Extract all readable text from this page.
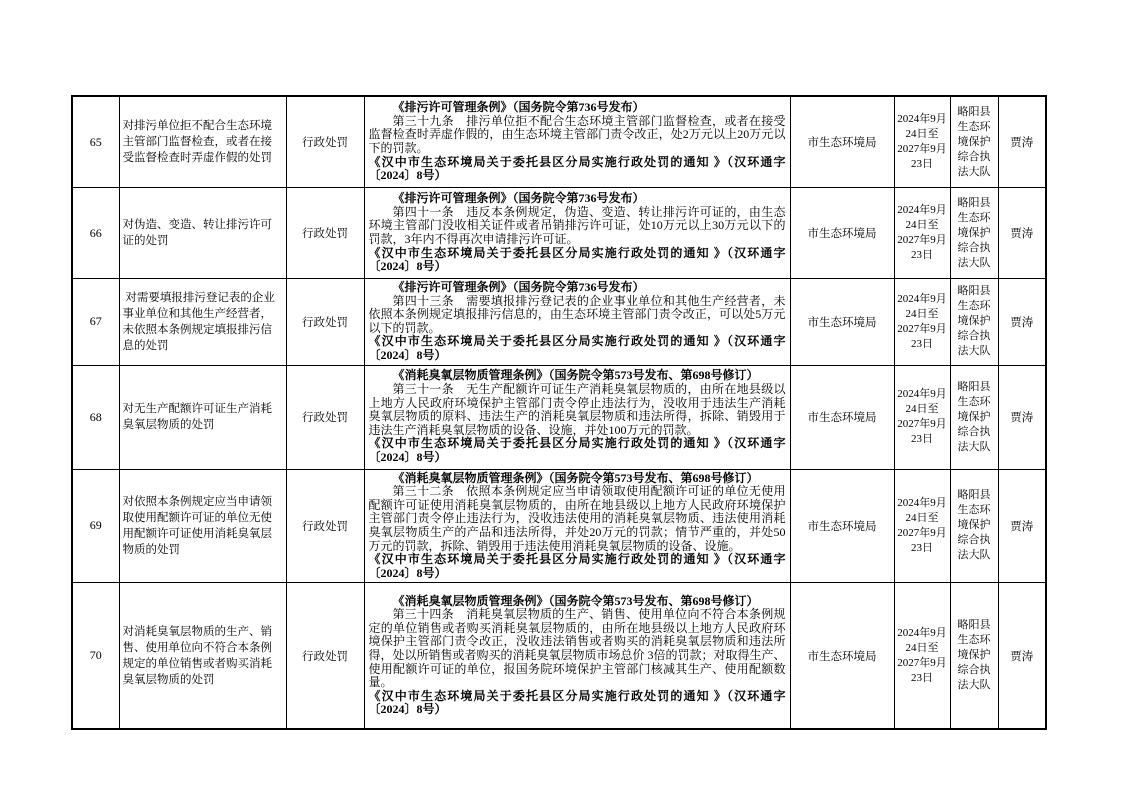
65	对排污单位拒不配合生态环境主管部门监督检查，或者在接受监督检查时弄虚作假的处罚	行政处罚	《排污许可管理条例》（国务院令第736号发布）

第三十九条　排污单位拒不配合生态环境主管部门监督检查，或者在接受监督检查时弄虚作假的，由生态环境主管部门责令改正，处2万元以上20万元以下的罚款。

《汉中市生态环境局关于委托县区分局实施行政处罚的通知 》（汉环通字〔2024〕8号）	市生态环境局	2024年9月24日至2027年9月23日	略阳县生态环境保护综合执法大队	贾涛
66	对伪造、变造、转让排污许可证的处罚	行政处罚	《排污许可管理条例》（国务院令第736号发布）

第四十一条　违反本条例规定，伪造、变造、转让排污许可证的，由生态环境主管部门没收相关证件或者吊销排污许可证，处10万元以上30万元以下的罚款，3年内不得再次申请排污许可证。

《汉中市生态环境局关于委托县区分局实施行政处罚的通知 》（汉环通字〔2024〕8号）	市生态环境局	2024年9月24日至2027年9月23日	略阳县生态环境保护综合执法大队	贾涛
67	对需要填报排污登记表的企业事业单位和其他生产经营者，未依照本条例规定填报排污信息的处罚	行政处罚	《排污许可管理条例》（国务院令第736号发布）

第四十三条　需要填报排污登记表的企业事业单位和其他生产经营者，未依照本条例规定填报排污信息的，由生态环境主管部门责令改正，可以处5万元以下的罚款。

《汉中市生态环境局关于委托县区分局实施行政处罚的通知 》（汉环通字〔2024〕8号）	市生态环境局	2024年9月24日至2027年9月23日	略阳县生态环境保护综合执法大队	贾涛
68	对无生产配额许可证生产消耗臭氧层物质的处罚	行政处罚	《消耗臭氧层物质管理条例》（国务院令第573号发布、第698号修订）

第三十一条　无生产配额许可证生产消耗臭氧层物质的，由所在地县级以上地方人民政府环境保护主管部门责令停止违法行为，没收用于违法生产消耗臭氧层物质的原料、违法生产的消耗臭氧层物质和违法所得，拆除、销毁用于违法生产消耗臭氧层物质的设备、设施，并处100万元的罚款。

《汉中市生态环境局关于委托县区分局实施行政处罚的通知 》（汉环通字〔2024〕8号）	市生态环境局	2024年9月24日至2027年9月23日	略阳县生态环境保护综合执法大队	贾涛
69	对依照本条例规定应当申请领取使用配额许可证的单位无使用配额许可证使用消耗臭氧层物质的处罚	行政处罚	《消耗臭氧层物质管理条例》（国务院令第573号发布、第698号修订）

第三十二条　依照本条例规定应当申请领取使用配额许可证的单位无使用配额许可证使用消耗臭氧层物质的，由所在地县级以上地方人民政府环境保护主管部门责令停止违法行为，没收违法使用的消耗臭氧层物质、违法使用消耗臭氧层物质生产的产品和违法所得，并处20万元的罚款；情节严重的，并处50万元的罚款，拆除、销毁用于违法使用消耗臭氧层物质的设备、设施。

《汉中市生态环境局关于委托县区分局实施行政处罚的通知 》（汉环通字〔2024〕8号）	市生态环境局	2024年9月24日至2027年9月23日	略阳县生态环境保护综合执法大队	贾涛
70	对消耗臭氧层物质的生产、销售、使用单位向不符合本条例规定的单位销售或者购买消耗臭氧层物质的处罚	行政处罚	《消耗臭氧层物质管理条例》（国务院令第573号发布、第698号修订）

第三十四条　消耗臭氧层物质的生产、销售、使用单位向不符合本条例规定的单位销售或者购买消耗臭氧层物质的，由所在地县级以上地方人民政府环境保护主管部门责令改正，没收违法销售或者购买的消耗臭氧层物质和违法所得，处以所销售或者购买的消耗臭氧层物质市场总价 3倍的罚款；对取得生产、使用配额许可证的单位，报国务院环境保护主管部门核减其生产、使用配额数量。

《汉中市生态环境局关于委托县区分局实施行政处罚的通知 》（汉环通字〔2024〕8号）	市生态环境局	2024年9月24日至2027年9月23日	略阳县生态环境保护综合执法大队	贾涛
